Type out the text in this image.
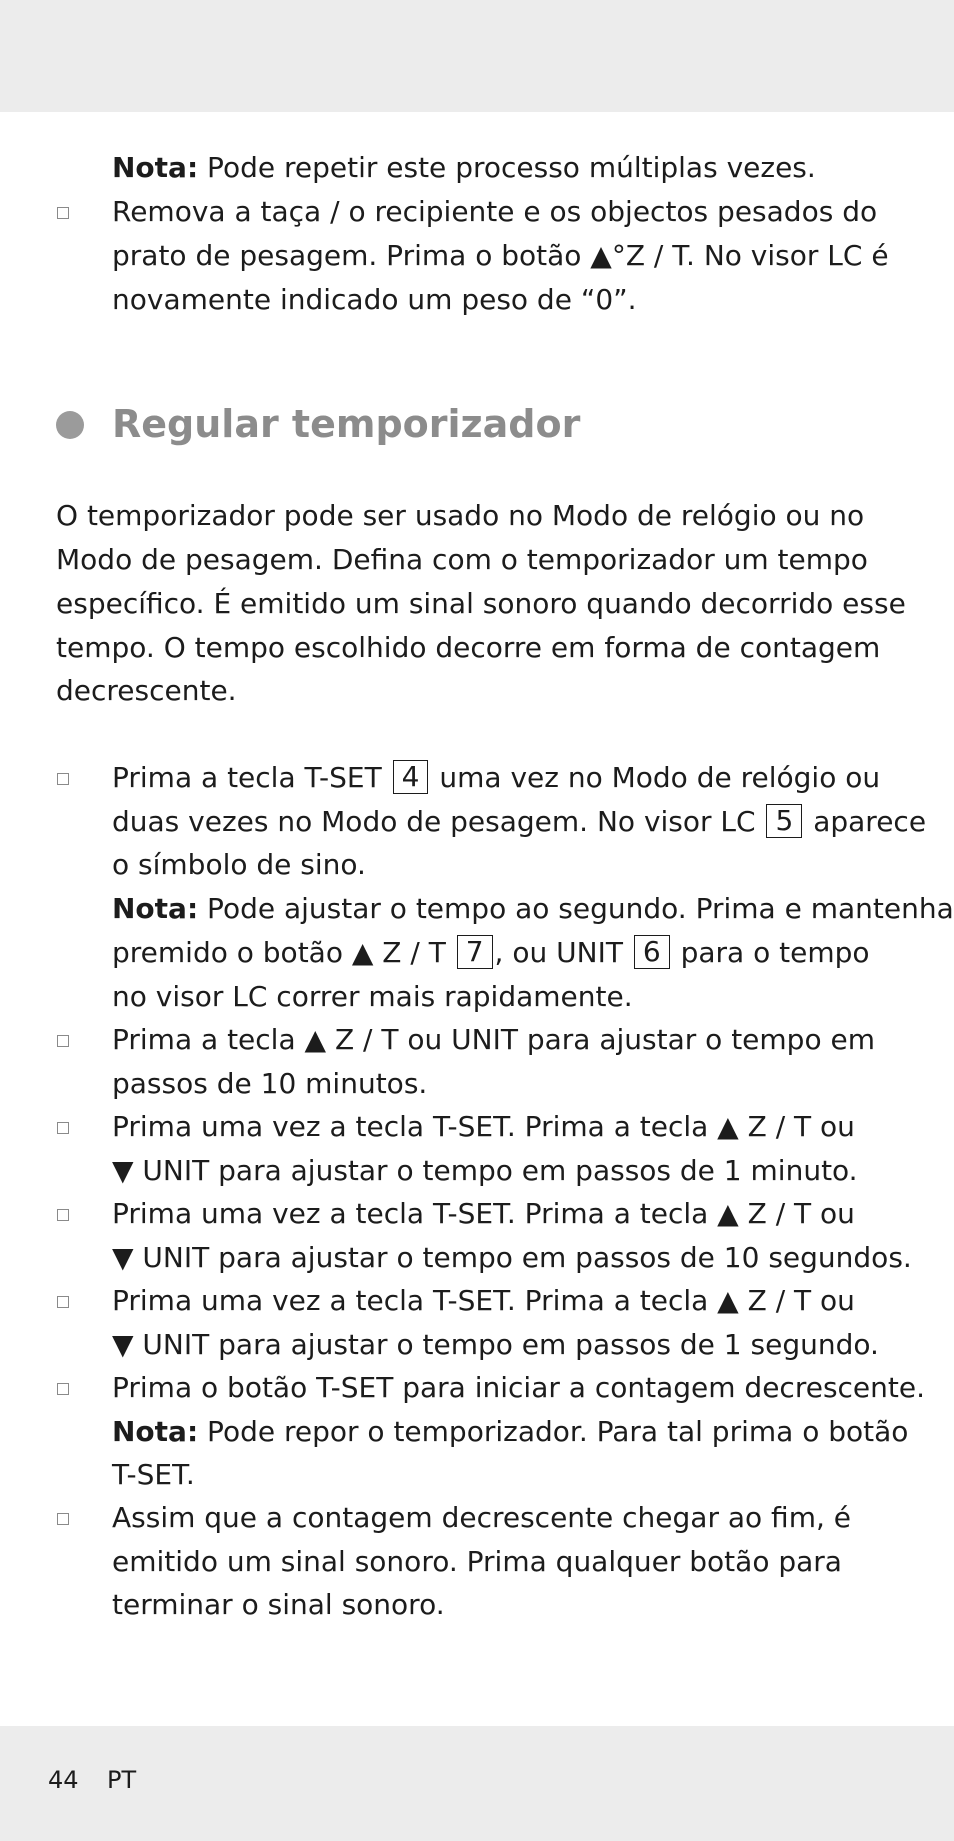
Nota: Pode repetir este processo múltiplas vezes.
Remova a taça / o recipiente e os objectos pesados do
prato de pesagem. Prima o botão ▲°Z / T. No visor LC é
novamente indicado um peso de “0”.
Regular temporizador
O temporizador pode ser usado no Modo de relógio ou no
Modo de pesagem. Defina com o temporizador um tempo
específico. É emitido um sinal sonoro quando decorrido esse
tempo. O tempo escolhido decorre em forma de contagem
decrescente.
Prima a tecla T-SET 4 uma vez no Modo de relógio ou
duas vezes no Modo de pesagem. No visor LC 5 aparece
o símbolo de sino.
Nota: Pode ajustar o tempo ao segundo. Prima e mantenha
premido o botão ▲ Z / T 7 , ou UNIT 6 para o tempo
no visor LC correr mais rapidamente.
Prima a tecla ▲ Z / T ou UNIT para ajustar o tempo em
passos de 10 minutos.
Prima uma vez a tecla T-SET. Prima a tecla ▲ Z / T ou
▼ UNIT para ajustar o tempo em passos de 1 minuto.
Prima uma vez a tecla T-SET. Prima a tecla ▲ Z / T ou
▼ UNIT para ajustar o tempo em passos de 10 segundos.
Prima uma vez a tecla T-SET. Prima a tecla ▲ Z / T ou
▼ UNIT para ajustar o tempo em passos de 1 segundo.
Prima o botão T-SET para iniciar a contagem decrescente.
Nota: Pode repor o temporizador. Para tal prima o botão
T-SET.
Assim que a contagem decrescente chegar ao fim, é
emitido um sinal sonoro. Prima qualquer botão para
terminar o sinal sonoro.
44 PT
